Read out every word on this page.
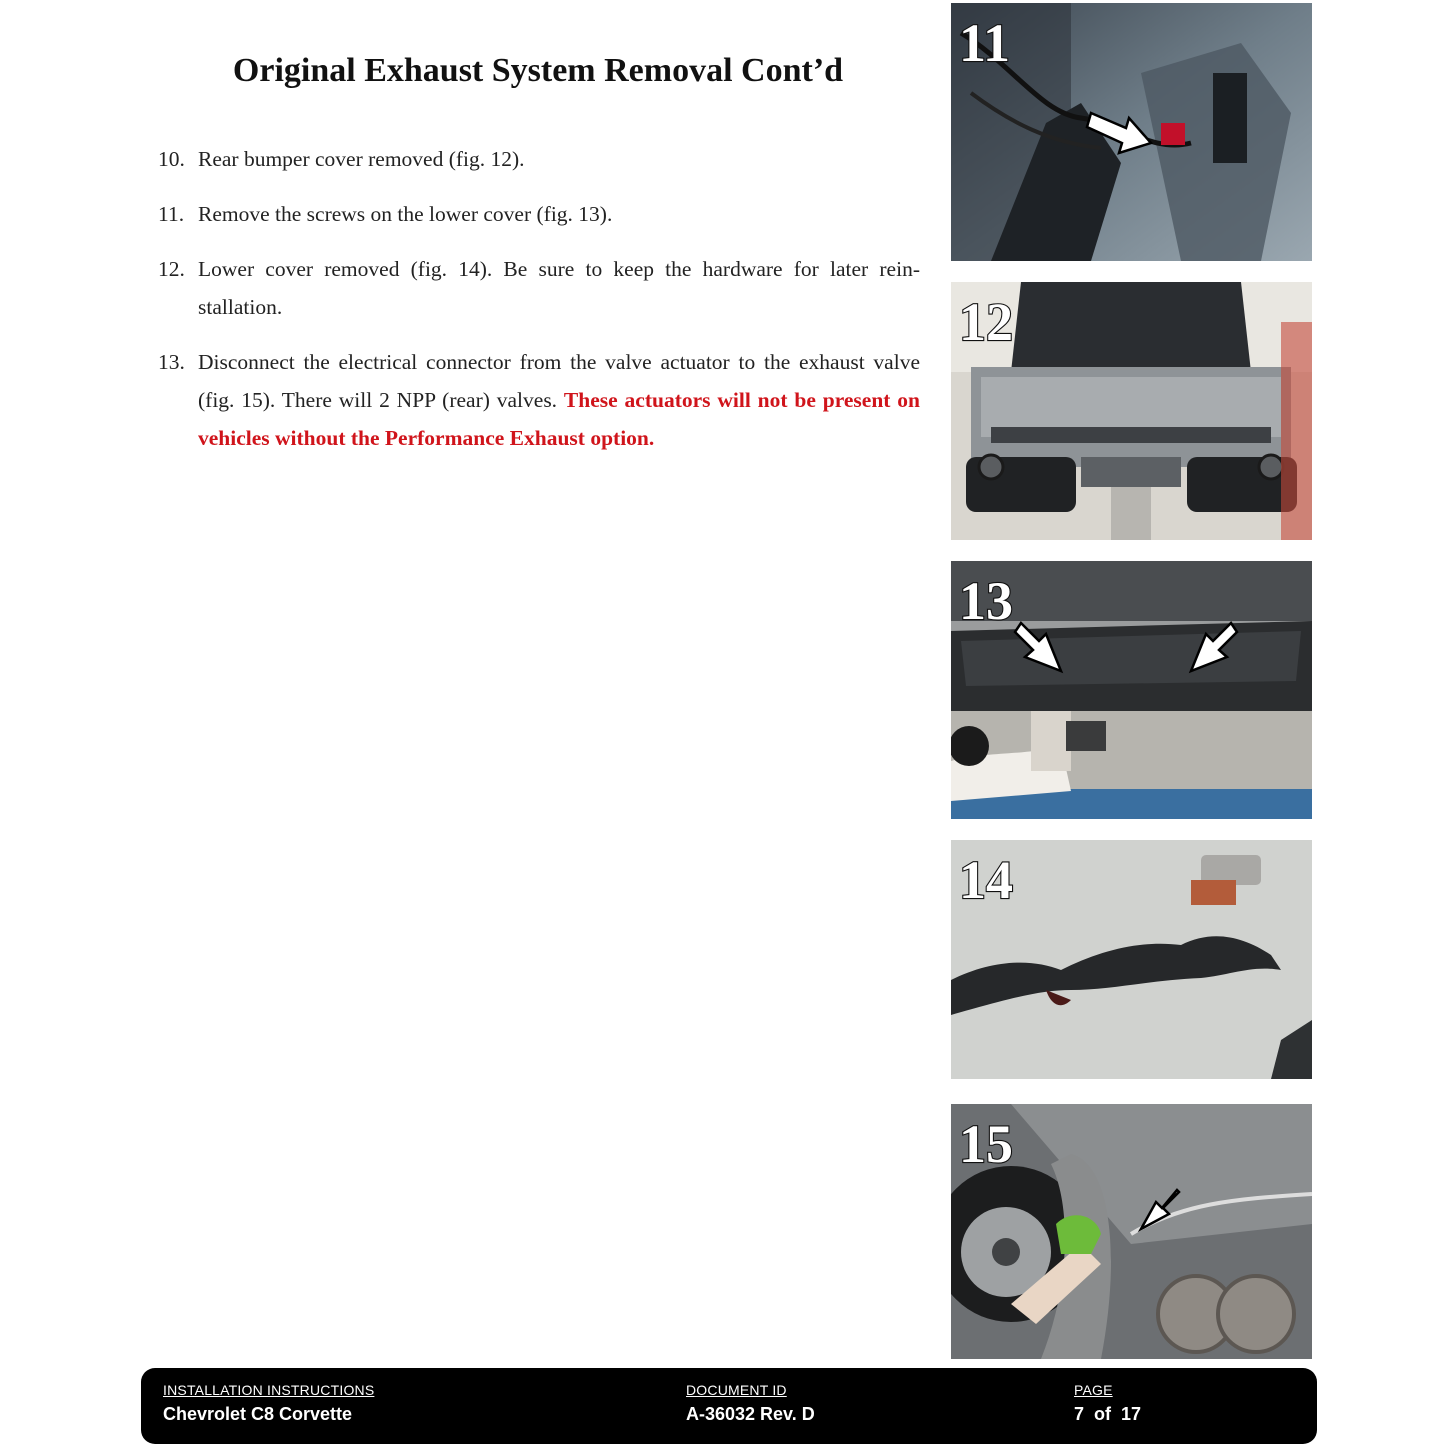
Original Exhaust System Removal Cont’d
10. Rear bumper cover removed (fig. 12).
11. Remove the screws on the lower cover (fig. 13).
12. Lower cover removed (fig. 14). Be sure to keep the hardware for later rein-stallation.
13. Disconnect the electrical connector from the valve actuator to the exhaust valve (fig. 15). There will 2 NPP (rear) valves. These actuators will not be present on vehicles without the Performance Exhaust option.
11
12
13
14
15
INSTALLATION INSTRUCTIONS
Chevrolet C8 Corvette
DOCUMENT ID
A-36032 Rev. D
PAGE
7  of  17
